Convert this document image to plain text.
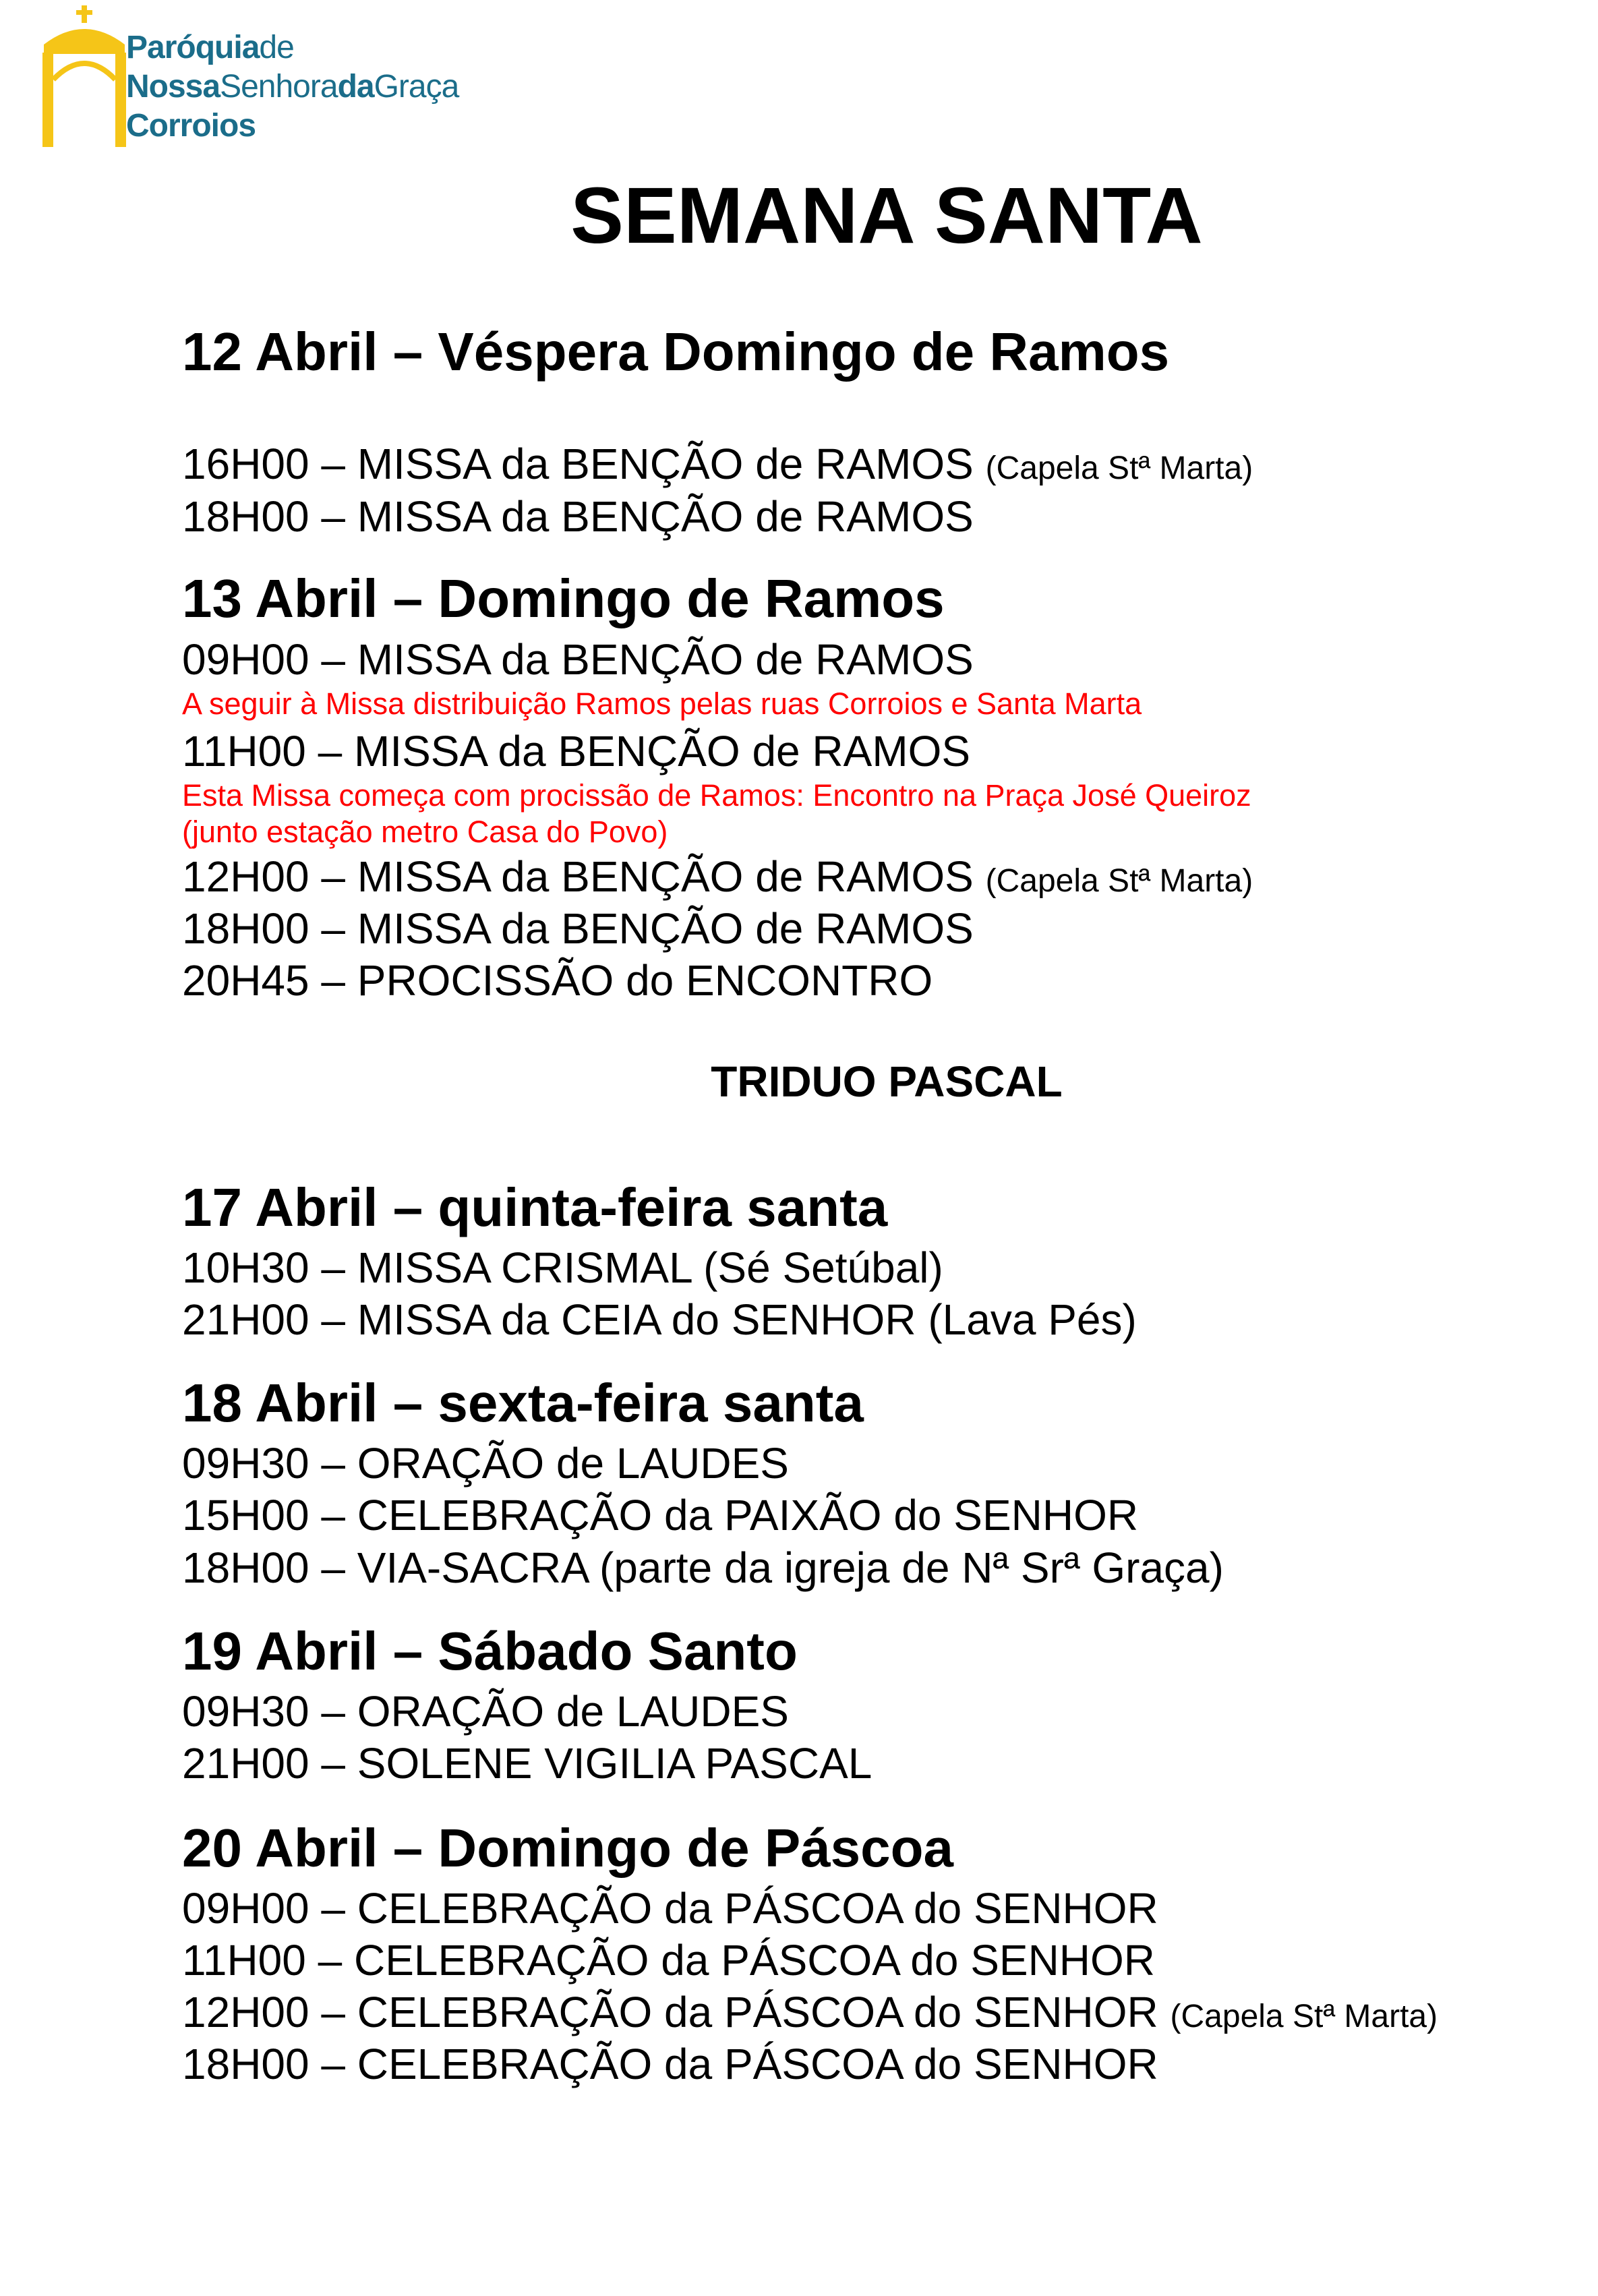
Paróquiade
NossaSenhoradaGraça
Corroios
SEMANA SANTA
12 Abril – Véspera Domingo de Ramos
16H00 – MISSA da BENÇÃO de RAMOS (Capela Stª Marta)
18H00 – MISSA da BENÇÃO de RAMOS
13 Abril – Domingo de Ramos
09H00 – MISSA da BENÇÃO de RAMOS
A seguir à Missa distribuição Ramos pelas ruas Corroios e Santa Marta
11H00 – MISSA da BENÇÃO de RAMOS
Esta Missa começa com procissão de Ramos: Encontro na Praça José Queiroz
(junto estação metro Casa do Povo)
12H00 – MISSA da BENÇÃO de RAMOS (Capela Stª Marta)
18H00 – MISSA da BENÇÃO de RAMOS
20H45 – PROCISSÃO do ENCONTRO
TRIDUO PASCAL
17 Abril – quinta-feira santa
10H30 – MISSA CRISMAL (Sé Setúbal)
21H00 – MISSA da CEIA do SENHOR (Lava Pés)
18 Abril – sexta-feira santa
09H30 – ORAÇÃO de LAUDES
15H00 – CELEBRAÇÃO da PAIXÃO do SENHOR
18H00 – VIA-SACRA (parte da igreja de Nª Srª Graça)
19 Abril – Sábado Santo
09H30 – ORAÇÃO de LAUDES
21H00 – SOLENE VIGILIA PASCAL
20 Abril – Domingo de Páscoa
09H00 – CELEBRAÇÃO da PÁSCOA do SENHOR
11H00 – CELEBRAÇÃO da PÁSCOA do SENHOR
12H00 – CELEBRAÇÃO da PÁSCOA do SENHOR (Capela Stª Marta)
18H00 – CELEBRAÇÃO da PÁSCOA do SENHOR
